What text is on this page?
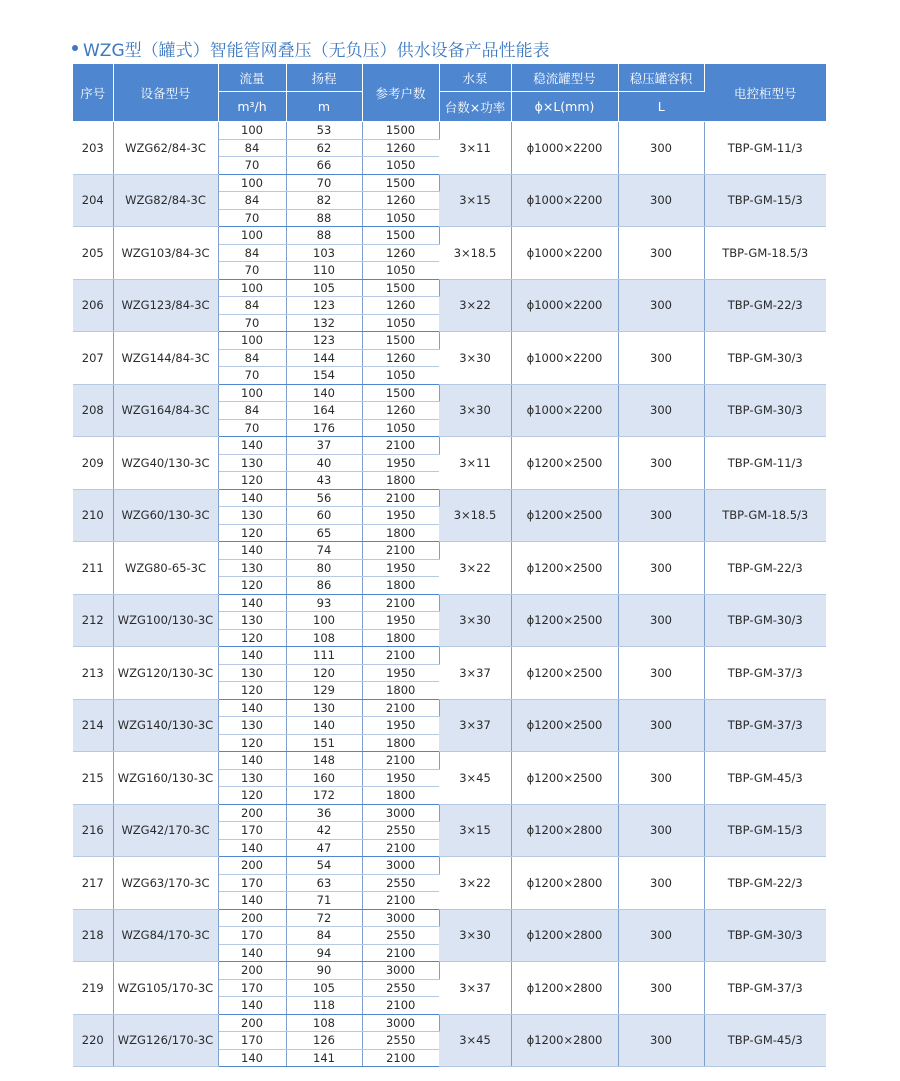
WZG型（罐式）智能管网叠压（无负压）供水设备产品性能表
序号	设备型号	流量	扬程	参考户数	水泵	稳流罐型号	稳压罐容积	电控柜型号
		m³/h	m		台数×功率	ϕ×L(mm)	L	
203	WZG62/84-3C	100	53	1500	3×11	ϕ1000×2200	300	TBP-GM-11/3
		84	62	1260				
		70	66	1050				
204	WZG82/84-3C	100	70	1500	3×15	ϕ1000×2200	300	TBP-GM-15/3
		84	82	1260				
		70	88	1050				
205	WZG103/84-3C	100	88	1500	3×18.5	ϕ1000×2200	300	TBP-GM-18.5/3
		84	103	1260				
		70	110	1050				
206	WZG123/84-3C	100	105	1500	3×22	ϕ1000×2200	300	TBP-GM-22/3
		84	123	1260				
		70	132	1050				
207	WZG144/84-3C	100	123	1500	3×30	ϕ1000×2200	300	TBP-GM-30/3
		84	144	1260				
		70	154	1050				
208	WZG164/84-3C	100	140	1500	3×30	ϕ1000×2200	300	TBP-GM-30/3
		84	164	1260				
		70	176	1050				
209	WZG40/130-3C	140	37	2100	3×11	ϕ1200×2500	300	TBP-GM-11/3
		130	40	1950				
		120	43	1800				
210	WZG60/130-3C	140	56	2100	3×18.5	ϕ1200×2500	300	TBP-GM-18.5/3
		130	60	1950				
		120	65	1800				
211	WZG80-65-3C	140	74	2100	3×22	ϕ1200×2500	300	TBP-GM-22/3
		130	80	1950				
		120	86	1800				
212	WZG100/130-3C	140	93	2100	3×30	ϕ1200×2500	300	TBP-GM-30/3
		130	100	1950				
		120	108	1800				
213	WZG120/130-3C	140	111	2100	3×37	ϕ1200×2500	300	TBP-GM-37/3
		130	120	1950				
		120	129	1800				
214	WZG140/130-3C	140	130	2100	3×37	ϕ1200×2500	300	TBP-GM-37/3
		130	140	1950				
		120	151	1800				
215	WZG160/130-3C	140	148	2100	3×45	ϕ1200×2500	300	TBP-GM-45/3
		130	160	1950				
		120	172	1800				
216	WZG42/170-3C	200	36	3000	3×15	ϕ1200×2800	300	TBP-GM-15/3
		170	42	2550				
		140	47	2100				
217	WZG63/170-3C	200	54	3000	3×22	ϕ1200×2800	300	TBP-GM-22/3
		170	63	2550				
		140	71	2100				
218	WZG84/170-3C	200	72	3000	3×30	ϕ1200×2800	300	TBP-GM-30/3
		170	84	2550				
		140	94	2100				
219	WZG105/170-3C	200	90	3000	3×37	ϕ1200×2800	300	TBP-GM-37/3
		170	105	2550				
		140	118	2100				
220	WZG126/170-3C	200	108	3000	3×45	ϕ1200×2800	300	TBP-GM-45/3
		170	126	2550				
		140	141	2100				
